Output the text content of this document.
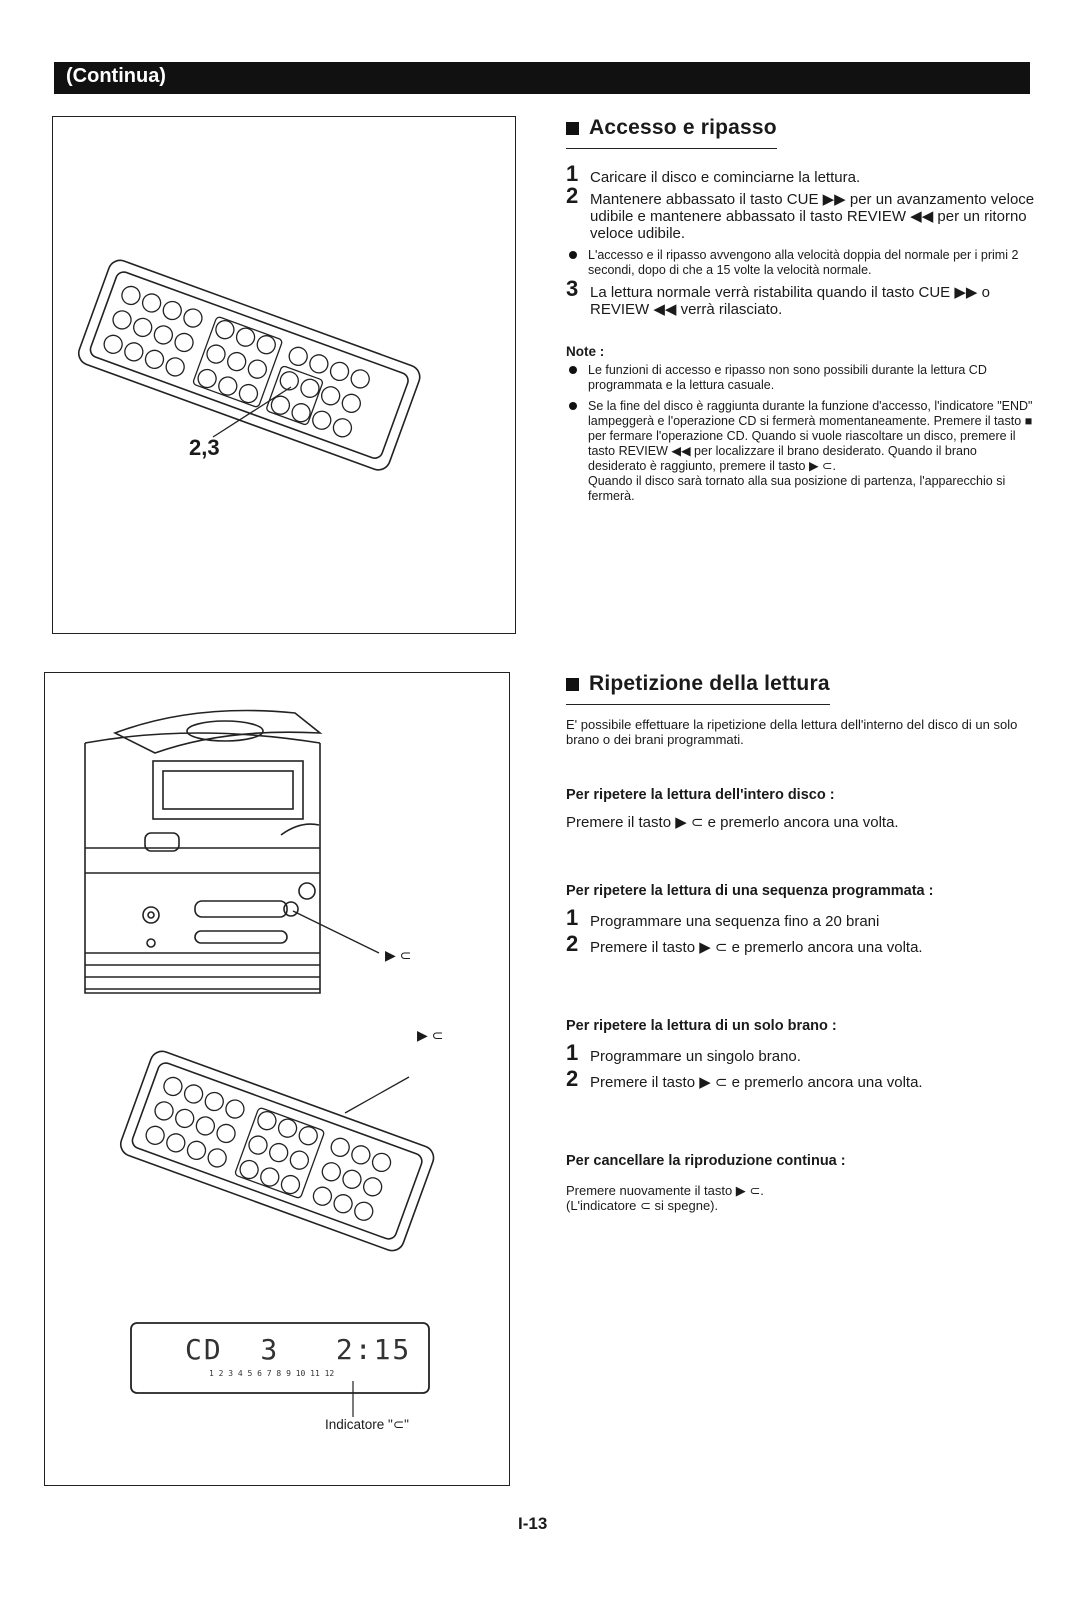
(Continua)
2,3
Accesso e ripasso
1 Caricare il disco e cominciarne la lettura.
2 Mantenere abbassato il tasto CUE ▶▶ per un avanzamento veloce udibile e mantenere abbassato il tasto REVIEW ◀◀ per un ritorno veloce udibile.
L'accesso e il ripasso avvengono alla velocità doppia del normale per i primi 2 secondi, dopo di che a 15 volte la velocità normale.
3 La lettura normale verrà ristabilita quando il tasto CUE ▶▶ o REVIEW ◀◀ verrà rilasciato.
Note :
Le funzioni di accesso e ripasso non sono possibili durante la lettura CD programmata e la lettura casuale.
Se la fine del disco è raggiunta durante la funzione d'accesso, l'indicatore "END" lampeggerà e l'operazione CD si fermerà momentaneamente. Premere il tasto ■ per fermare l'operazione CD. Quando si vuole riascoltare un disco, premere il tasto REVIEW ◀◀ per localizzare il brano desiderato. Quando il brano desiderato è raggiunto, premere il tasto ▶ ⊂.
Quando il disco sarà tornato alla sua posizione di partenza, l'apparecchio si fermerà.
▶ ⊂
▶ ⊂
CD  3   2:15
1 2 3 4 5 6 7 8 9 10 11 12
Indicatore "⊂"
Ripetizione della lettura
E' possibile effettuare la ripetizione della lettura dell'interno del disco di un solo brano o dei brani programmati.
Per ripetere la lettura dell'intero disco :
Premere il tasto ▶ ⊂ e premerlo ancora una volta.
Per ripetere la lettura di una sequenza programmata :
1 Programmare una sequenza fino a 20 brani
2 Premere il tasto ▶ ⊂ e premerlo ancora una volta.
Per ripetere la lettura di un solo brano :
1 Programmare un singolo brano.
2 Premere il tasto ▶ ⊂ e premerlo ancora una volta.
Per cancellare la riproduzione continua :
Premere nuovamente il tasto ▶ ⊂.
(L'indicatore ⊂ si spegne).
I-13
